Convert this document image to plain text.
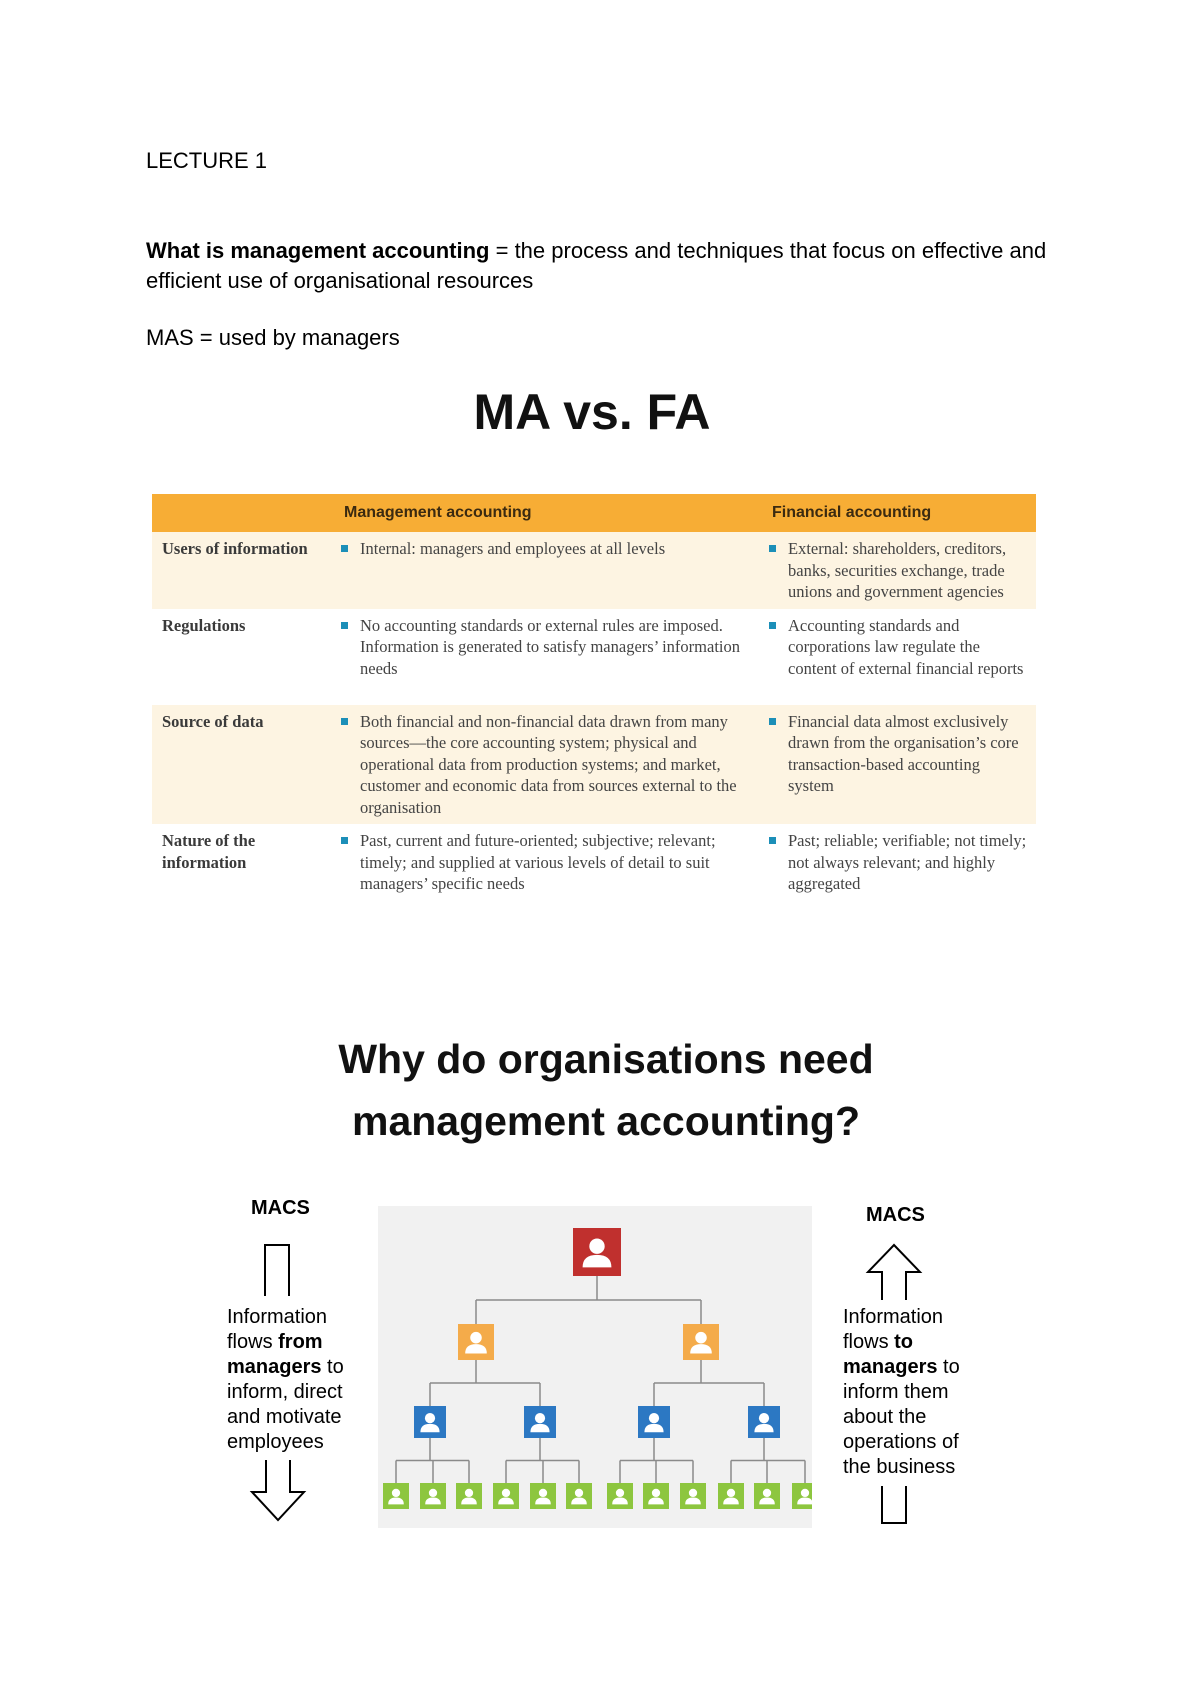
LECTURE 1
What is management accounting = the process and techniques that focus on effective and efficient use of organisational resources
MAS = used by managers
MA vs. FA
	Management accounting	Financial accounting
Users of information	Internal: managers and employees at all levels	External: shareholders, creditors, banks, securities exchange, trade unions and government agencies

Regulations	No accounting standards or external rules are imposed. Information is generated to satisfy managers’ information needs	Accounting standards and corporations law regulate the content of external financial reports

Source of data	Both financial and non-financial data drawn from many sources—the core accounting system; physical and operational data from production systems; and market, customer and economic data from sources external to the organisation	Financial data almost exclusively drawn from the organisation’s core transaction-based accounting system

Nature of the information	Past, current and future-oriented; subjective; relevant; timely; and supplied at various levels of detail to suit managers’ specific needs	Past; reliable; verifiable; not timely; not always relevant; and highly aggregated
Why do organisations need
management accounting?
MACS
Information
flows from
managers to
inform, direct
and motivate
employees
MACS
Information
flows to
managers to
inform them
about the
operations of
the business
